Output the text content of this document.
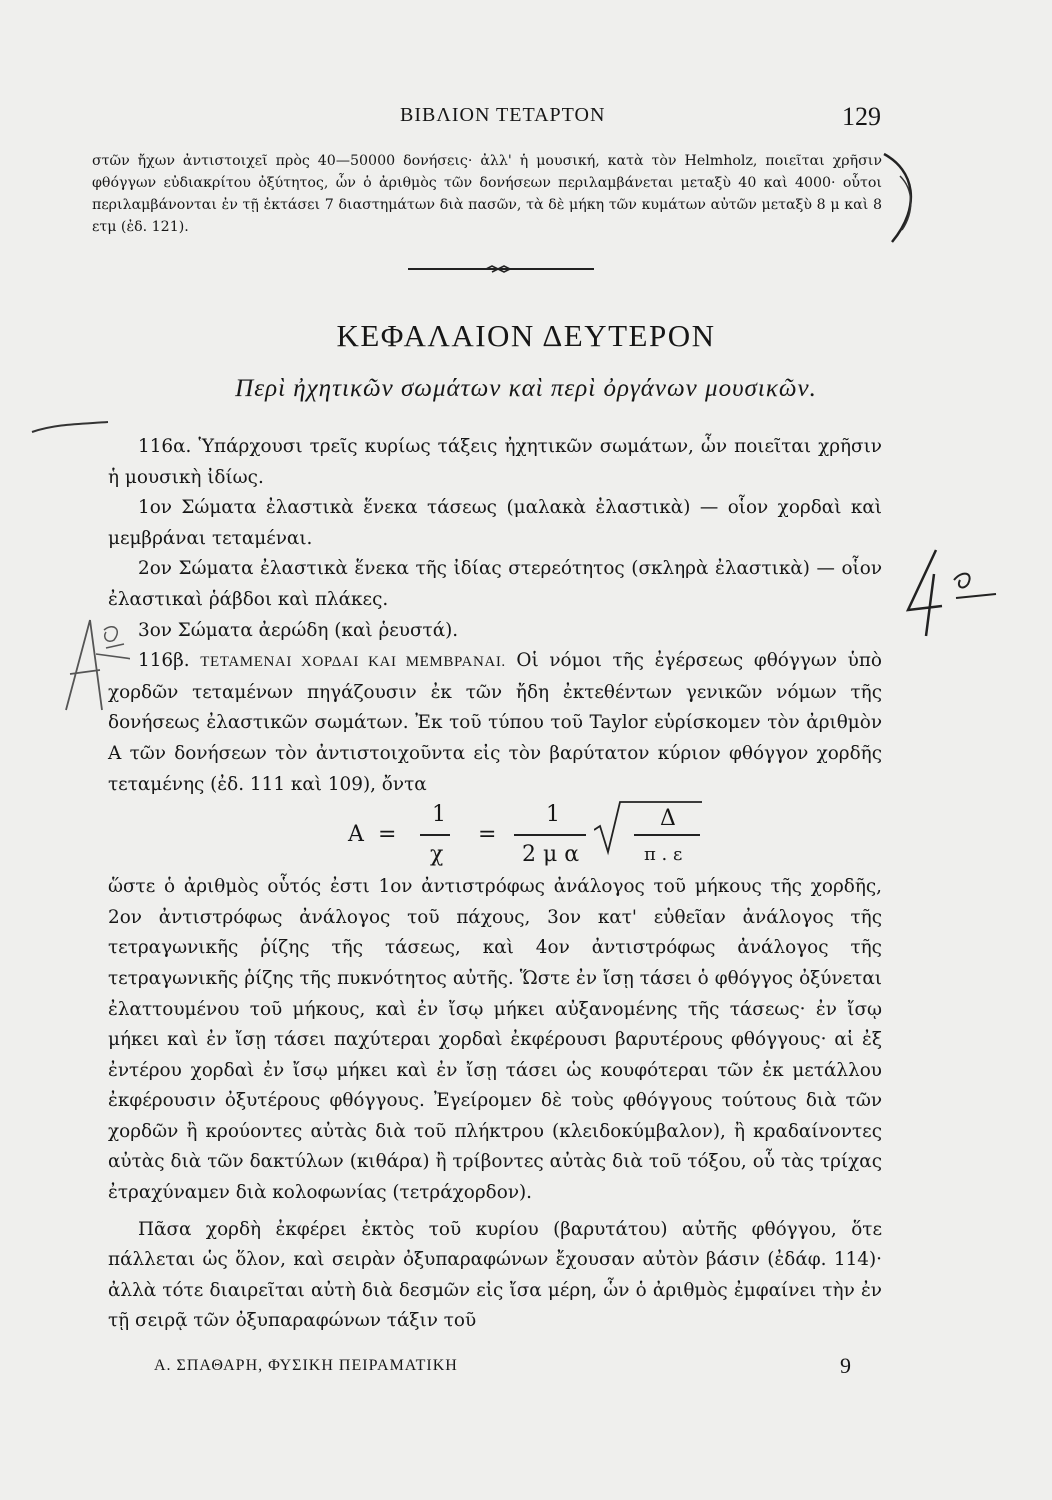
ΒΙΒΛΙΟΝ ΤΕΤΑΡΤΟΝ	129

στῶν ἤχων ἀντιστοιχεῖ πρὸς 40—50000 δονήσεις· ἀλλ' ἡ μουσική, κατὰ τὸν Helmholz, ποιεῖται χρῆσιν φθόγγων εὐδιακρίτου ὀξύτητος, ὧν ὁ ἀριθμὸς τῶν δονήσεων περιλαμβάνεται μεταξὺ 40 καὶ 4000· οὗτοι περιλαμβάνονται ἐν τῇ ἐκτάσει 7 διαστημάτων διὰ πασῶν, τὰ δὲ μήκη τῶν κυμάτων αὐτῶν μεταξὺ 8 μ καὶ 8 ετμ (ἐδ. 121).

ΚΕΦΑΛΑΙΟΝ ΔΕΥΤΕΡΟΝ
Περὶ ἠχητικῶν σωμάτων καὶ περὶ ὀργάνων μουσικῶν.

116α. Ὑπάρχουσι τρεῖς κυρίως τάξεις ἠχητικῶν σωμάτων, ὧν ποιεῖται χρῆσιν ἡ μουσικὴ ἰδίως.

1ον Σώματα ἐλαστικὰ ἕνεκα τάσεως (μαλακὰ ἐλαστικὰ) — οἷον χορδαὶ καὶ μεμβράναι τεταμέναι.

2ον Σώματα ἐλαστικὰ ἕνεκα τῆς ἰδίας στερεότητος (σκληρὰ ἐλαστικὰ) — οἷον ἐλαστικαὶ ῥάβδοι καὶ πλάκες.

3ον Σώματα ἀερώδη (καὶ ῥευστά).

116β. ΤΕΤΑΜΕΝΑΙ ΧΟΡΔΑΙ ΚΑΙ ΜΕΜΒΡΑΝΑΙ. Οἱ νόμοι τῆς ἐγέρσεως φθόγγων ὑπὸ χορδῶν τεταμένων πηγάζουσιν ἐκ τῶν ἤδη ἐκτεθέντων γενικῶν νόμων τῆς δονήσεως ἐλαστικῶν σωμάτων. Ἐκ τοῦ τύπου τοῦ Taylor εὑρίσκομεν τὸν ἀριθμὸν Α τῶν δονήσεων τὸν ἀντιστοιχοῦντα εἰς τὸν βαρύτατον κύριον φθόγγον χορδῆς τεταμένης (ἐδ. 111 καὶ 109), ὄντα

Α =
1
χ
=
1
2 μ α
Δ
π . ε

ὥστε ὁ ἀριθμὸς οὗτός ἐστι 1ον ἀντιστρόφως ἀνάλογος τοῦ μήκους τῆς χορδῆς, 2ον ἀντιστρόφως ἀνάλογος τοῦ πάχους, 3ον κατ' εὐθεῖαν ἀνάλογος τῆς τετραγωνικῆς ῥίζης τῆς τάσεως, καὶ 4ον ἀντιστρόφως ἀνάλογος τῆς τετραγωνικῆς ῥίζης τῆς πυκνότητος αὐτῆς. Ὥστε ἐν ἴσῃ τάσει ὁ φθόγγος ὀξύνεται ἐλαττουμένου τοῦ μήκους, καὶ ἐν ἴσῳ μήκει αὐξανομένης τῆς τάσεως· ἐν ἴσῳ μήκει καὶ ἐν ἴσῃ τάσει παχύτεραι χορδαὶ ἐκφέρουσι βαρυτέρους φθόγγους· αἱ ἐξ ἐντέρου χορδαὶ ἐν ἴσῳ μήκει καὶ ἐν ἴσῃ τάσει ὡς κουφότεραι τῶν ἐκ μετάλλου ἐκφέρουσιν ὀξυτέρους φθόγγους. Ἐγείρομεν δὲ τοὺς φθόγγους τούτους διὰ τῶν χορδῶν ἢ κρούοντες αὐτὰς διὰ τοῦ πλήκτρου (κλειδοκύμβαλον), ἢ κραδαίνοντες αὐτὰς διὰ τῶν δακτύλων (κιθάρα) ἢ τρίβοντες αὐτὰς διὰ τοῦ τόξου, οὗ τὰς τρίχας ἐτραχύναμεν διὰ κολοφωνίας (τετράχορδον).

Πᾶσα χορδὴ ἐκφέρει ἐκτὸς τοῦ κυρίου (βαρυτάτου) αὐτῆς φθόγγου, ὅτε πάλλεται ὡς ὅλον, καὶ σειρὰν ὀξυπαραφώνων ἔχουσαν αὐτὸν βάσιν (ἐδάφ. 114)· ἀλλὰ τότε διαιρεῖται αὐτὴ διὰ δεσμῶν εἰς ἴσα μέρη, ὧν ὁ ἀριθμὸς ἐμφαίνει τὴν ἐν τῇ σειρᾷ τῶν ὀξυπαραφώνων τάξιν τοῦ

Α. ΣΠΑΘΑΡΗ, ΦΥΣΙΚΗ ΠΕΙΡΑΜΑΤΙΚΗ	9
